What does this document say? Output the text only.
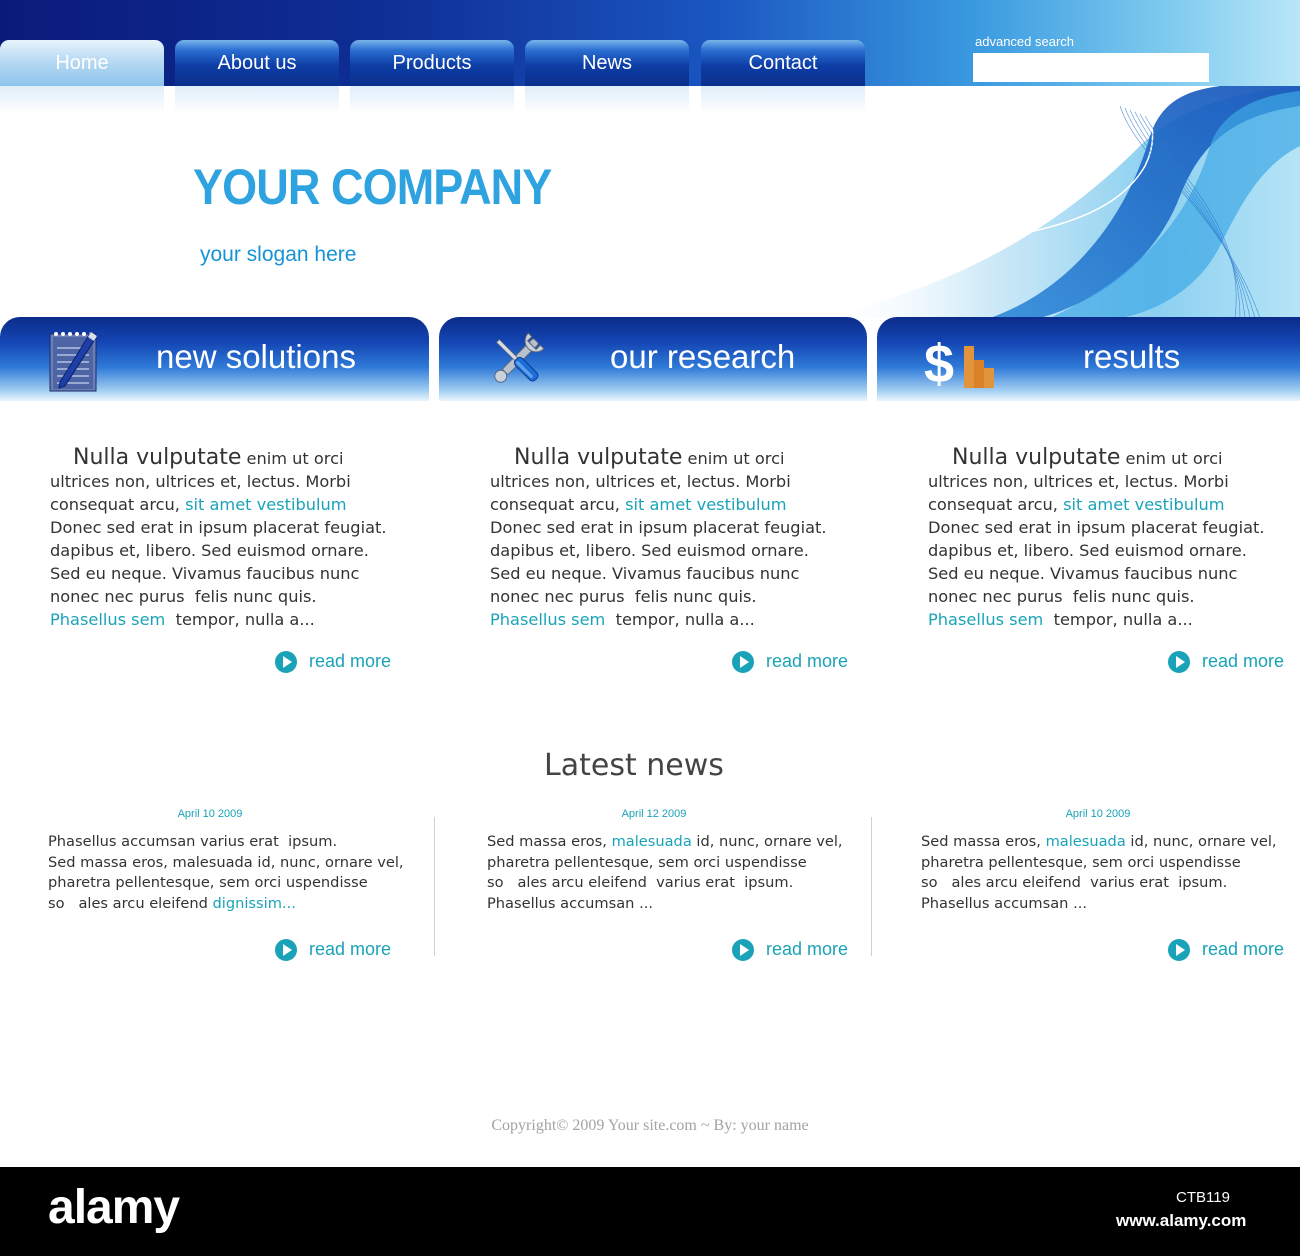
Home	About us	Products	News	Contact
advanced search
YOUR COMPANY
your slogan here
$
new solutions	our research	results
Nulla vulputate enim ut orci
ultrices non, ultrices et, lectus. Morbi
consequat arcu, sit amet vestibulum
Donec sed erat in ipsum placerat feugiat.
dapibus et, libero. Sed euismod ornare.
Sed eu neque. Vivamus faucibus nunc
nonec nec purus  felis nunc quis.
Phasellus sem  tempor, nulla a...
Nulla vulputate enim ut orci
ultrices non, ultrices et, lectus. Morbi
consequat arcu, sit amet vestibulum
Donec sed erat in ipsum placerat feugiat.
dapibus et, libero. Sed euismod ornare.
Sed eu neque. Vivamus faucibus nunc
nonec nec purus  felis nunc quis.
Phasellus sem  tempor, nulla a...
Nulla vulputate enim ut orci
ultrices non, ultrices et, lectus. Morbi
consequat arcu, sit amet vestibulum
Donec sed erat in ipsum placerat feugiat.
dapibus et, libero. Sed euismod ornare.
Sed eu neque. Vivamus faucibus nunc
nonec nec purus  felis nunc quis.
Phasellus sem  tempor, nulla a...
read more	read more	read more
Latest news
April 10 2009	April 12 2009	April 10 2009
Phasellus accumsan varius erat  ipsum.
Sed massa eros, malesuada id, nunc, ornare vel,
pharetra pellentesque, sem orci uspendisse
so   ales arcu eleifend dignissim...
Sed massa eros, malesuada id, nunc, ornare vel,
pharetra pellentesque, sem orci uspendisse
so   ales arcu eleifend  varius erat  ipsum.
Phasellus accumsan ...
Sed massa eros, malesuada id, nunc, ornare vel,
pharetra pellentesque, sem orci uspendisse
so   ales arcu eleifend  varius erat  ipsum.
Phasellus accumsan ...
read more	read more	read more
Copyright© 2009 Your site.com ~ By: your name
alamy	CTB119
www.alamy.com
